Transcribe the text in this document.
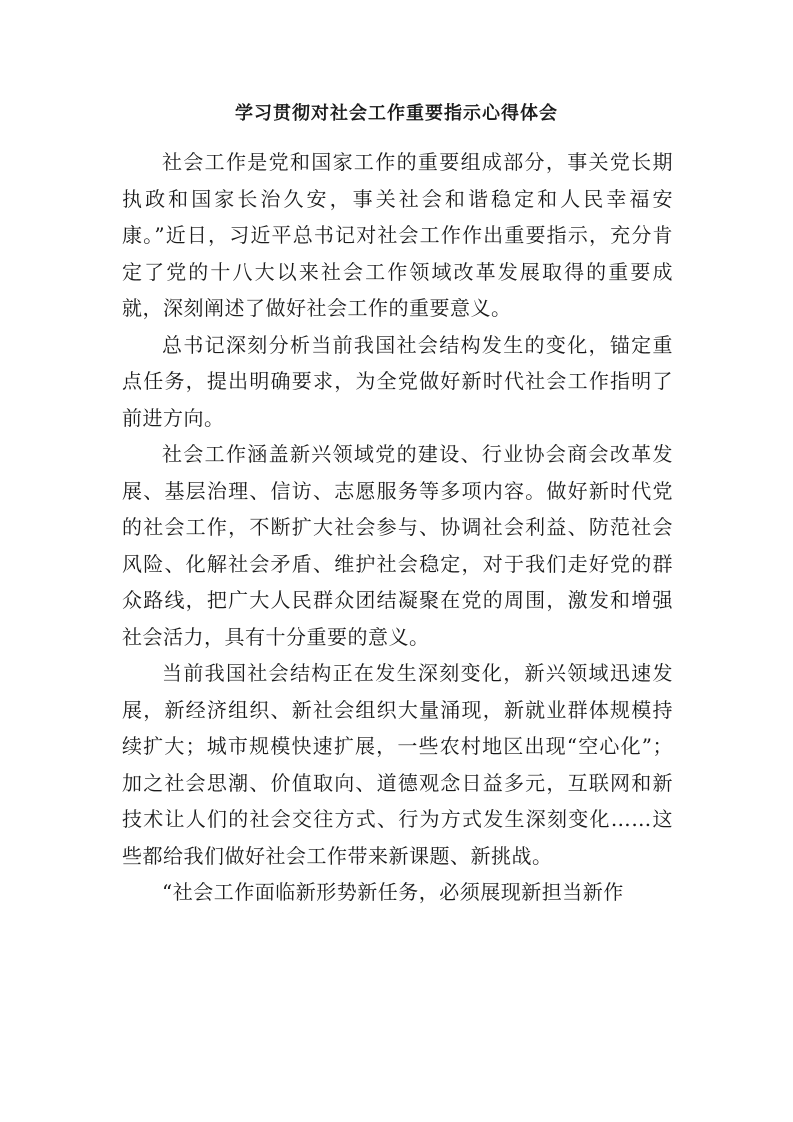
学习贯彻对社会工作重要指示心得体会

社会工作是党和国家工作的重要组成部分，事关党长期执政和国家长治久安，事关社会和谐稳定和人民幸福安康。”近日，习近平总书记对社会工作作出重要指示，充分肯定了党的十八大以来社会工作领域改革发展取得的重要成就，深刻阐述了做好社会工作的重要意义。

总书记深刻分析当前我国社会结构发生的变化，锚定重点任务，提出明确要求，为全党做好新时代社会工作指明了前进方向。

社会工作涵盖新兴领域党的建设、行业协会商会改革发展、基层治理、信访、志愿服务等多项内容。做好新时代党的社会工作，不断扩大社会参与、协调社会利益、防范社会风险、化解社会矛盾、维护社会稳定，对于我们走好党的群众路线，把广大人民群众团结凝聚在党的周围，激发和增强社会活力，具有十分重要的意义。

当前我国社会结构正在发生深刻变化，新兴领域迅速发展，新经济组织、新社会组织大量涌现，新就业群体规模持续扩大；城市规模快速扩展，一些农村地区出现“空心化”；加之社会思潮、价值取向、道德观念日益多元，互联网和新技术让人们的社会交往方式、行为方式发生深刻变化……这些都给我们做好社会工作带来新课题、新挑战。

“社会工作面临新形势新任务，必须展现新担当新作
